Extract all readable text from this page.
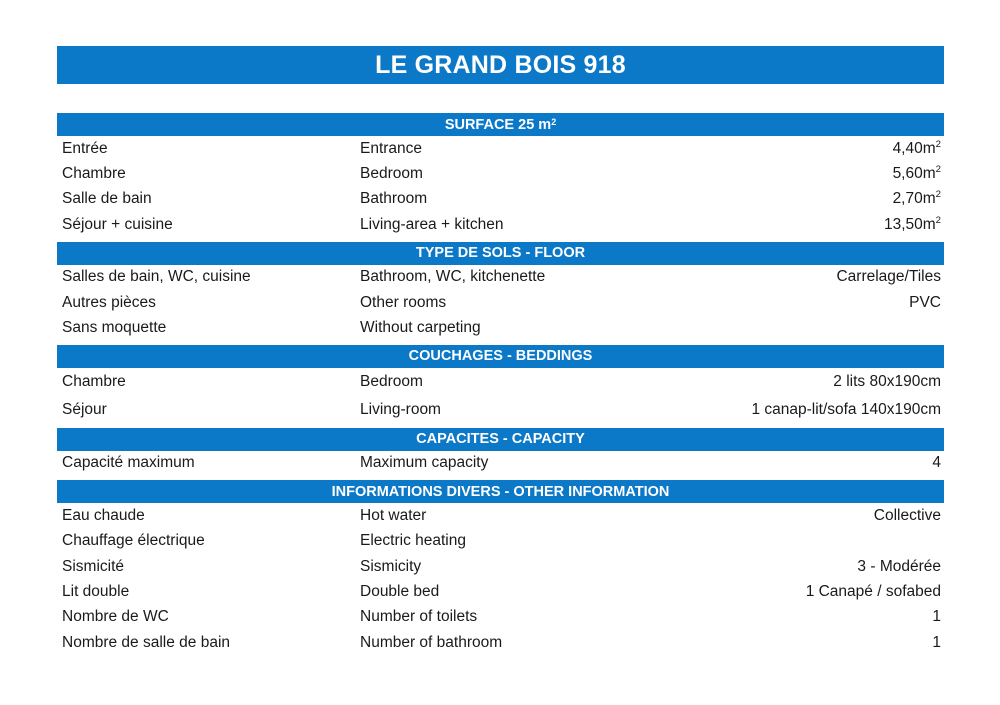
LE GRAND BOIS 918
SURFACE 25 m 2
Entrée	Entrance	$4,40m^2$
Chambre	Bedroom	$5,60m^2$
Salle de bain	Bathroom	$2,70m^2$
Séjour + cuisine	Living-area + kitchen	$13,50m^2$
TYPE DE SOLS - FLOOR
Salles de bain, WC, cuisine	Bathroom, WC, kitchenette	Carrelage/Tiles
Autres pièces	Other rooms	PVC
Sans moquette	Without carpeting
COUCHAGES - BEDDINGS
Chambre	Bedroom	2 lits 80x190cm
Séjour	Living-room	1 canap-lit/sofa 140x190cm
CAPACITES - CAPACITY
Capacité maximum	Maximum capacity	4
INFORMATIONS DIVERS - OTHER INFORMATION
Eau chaude	Hot water	Collective
Chauffage électrique	Electric heating
Sismicité	Sismicity	3 - Modérée
Lit double	Double bed	1 Canapé / sofabed
Nombre de WC	Number of toilets	1
Nombre de salle de bain	Number of bathroom	1
